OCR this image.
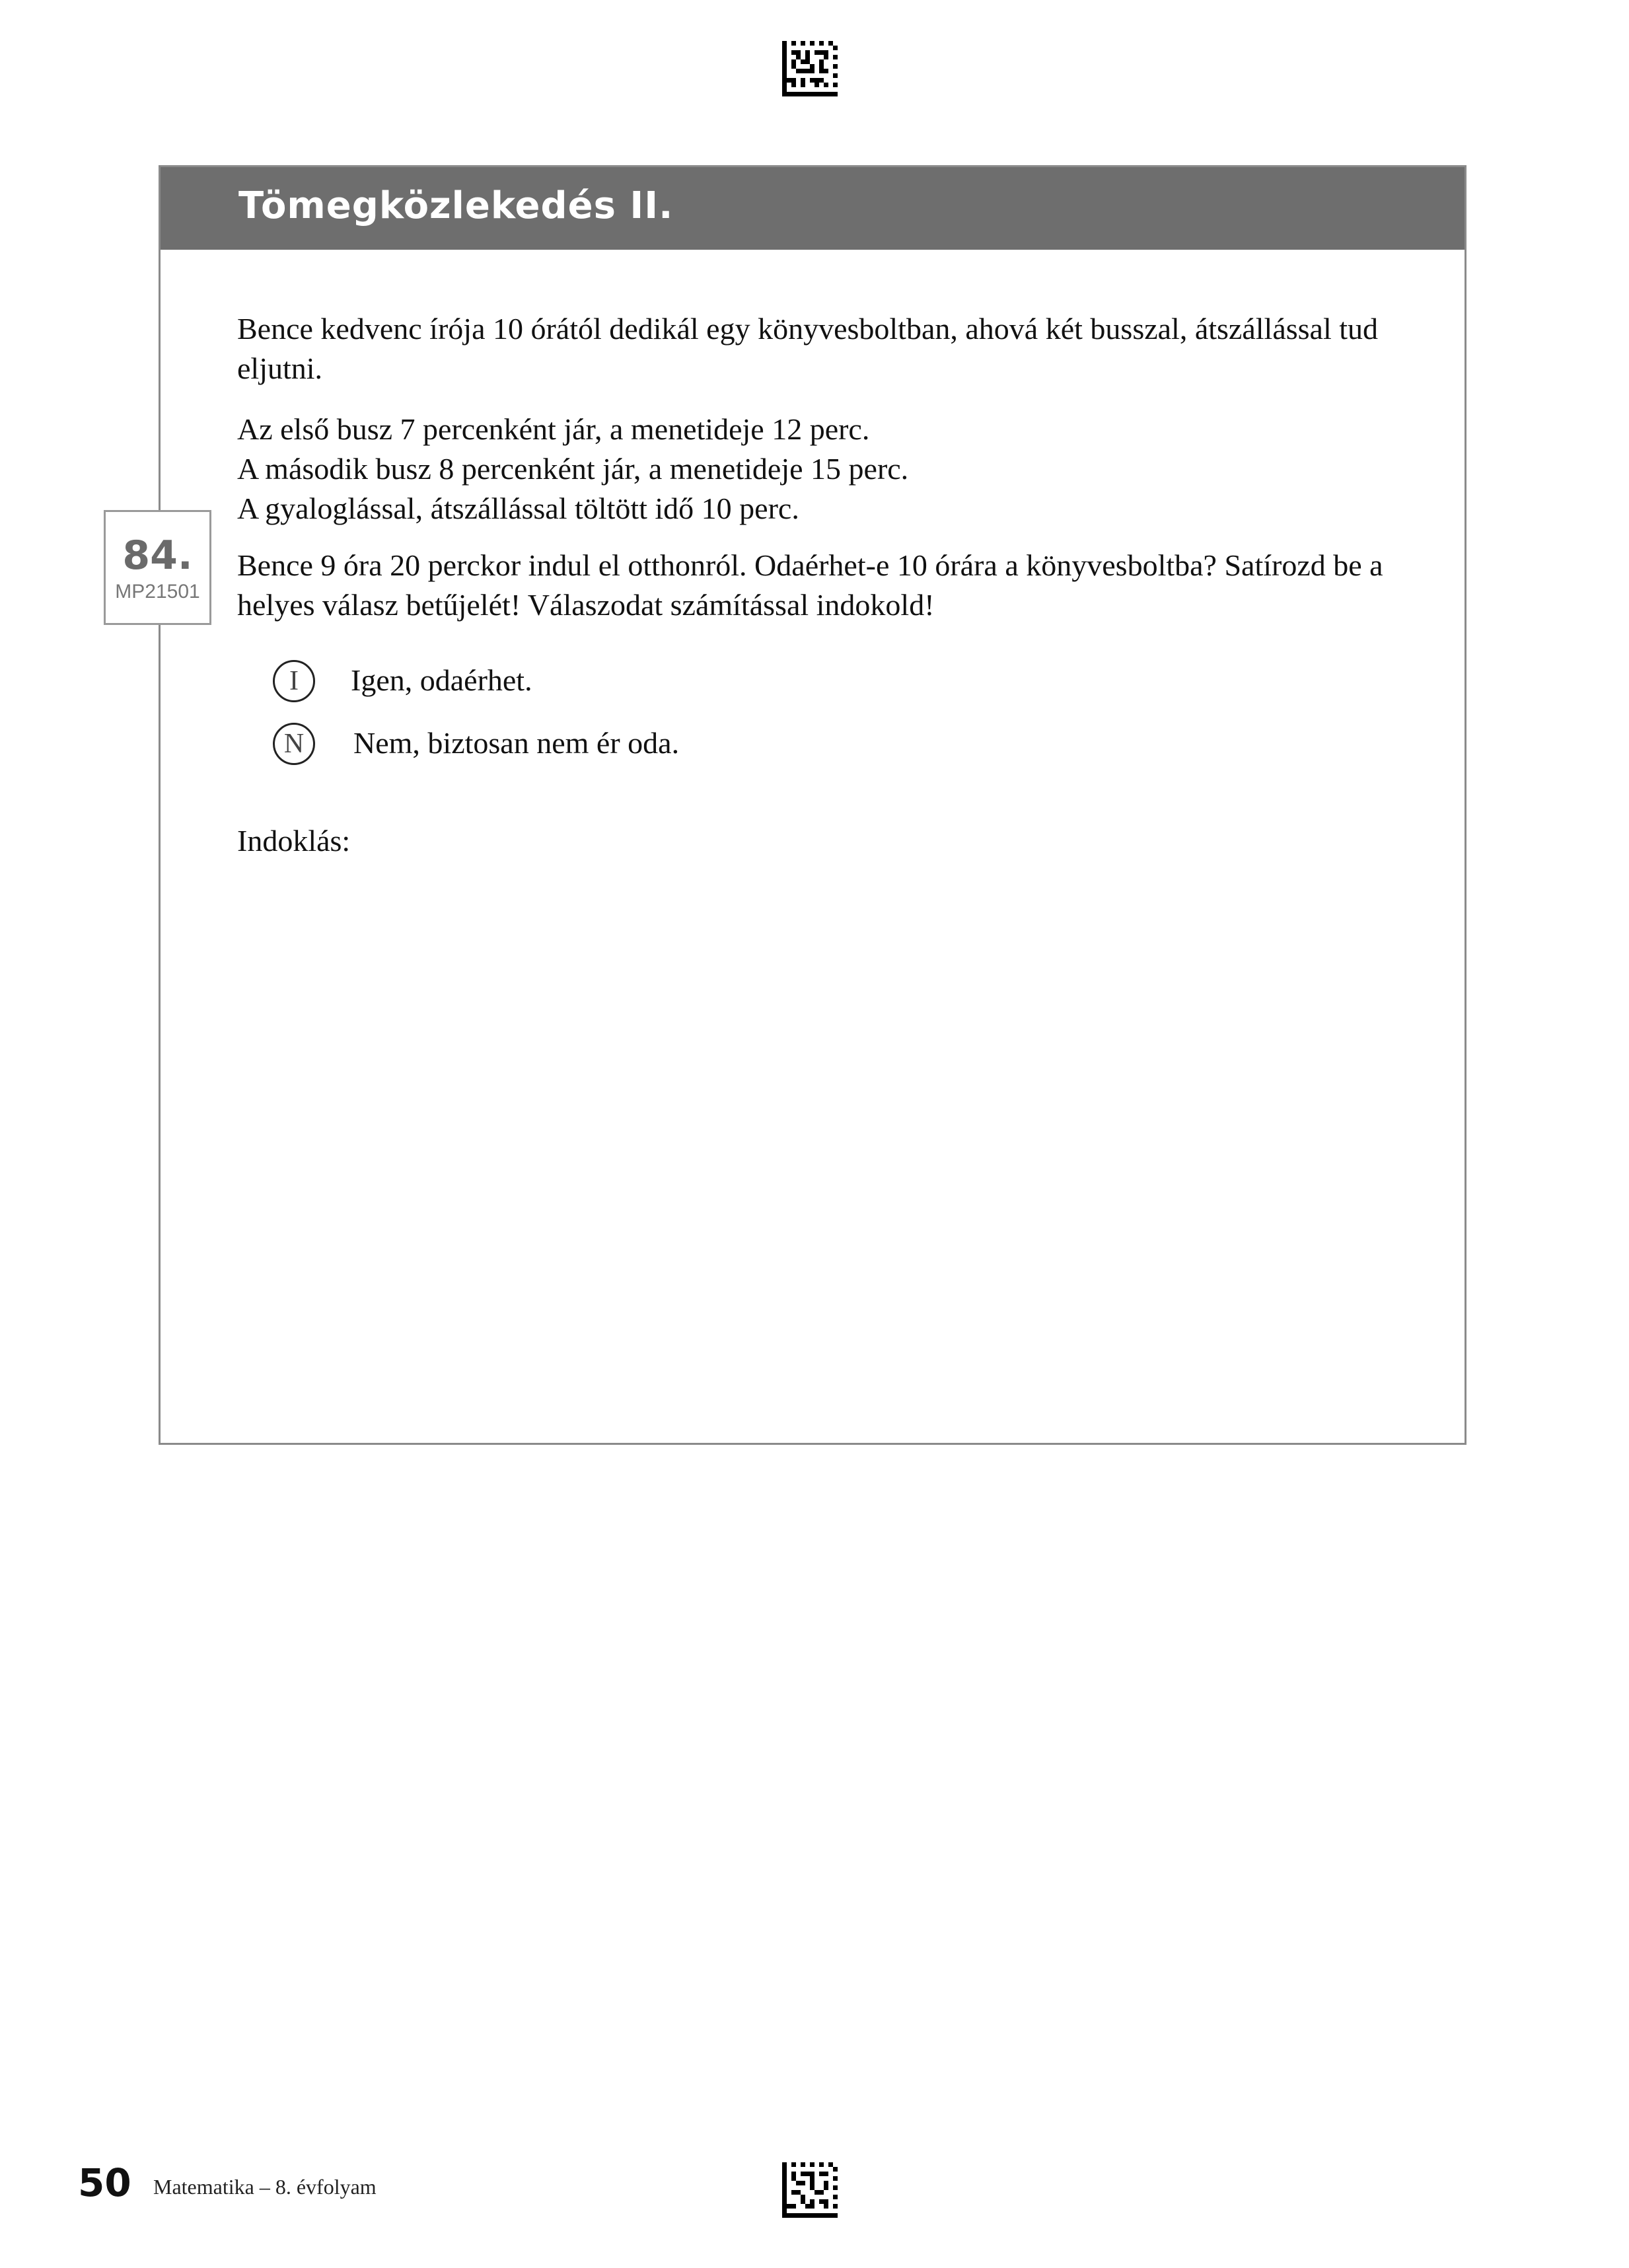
Tömegközlekedés II.
84.
MP21501

Bence kedvenc írója 10 órától dedikál egy könyvesboltban, ahová két busszal, átszállással tud eljutni.

Az első busz 7 percenként jár, a menetideje 12 perc.
A második busz 8 percenként jár, a menetideje 15 perc.
A gyaloglással, átszállással töltött idő 10 perc.

Bence 9 óra 20 perckor indul el otthonról. Odaérhet-e 10 órára a könyvesboltba? Satírozd be a helyes válasz betűjelét! Válaszodat számítással indokold!

I	Igen, odaérhet.
N	Nem, biztosan nem ér oda.

Indoklás:

50 Matematika – 8. évfolyam
